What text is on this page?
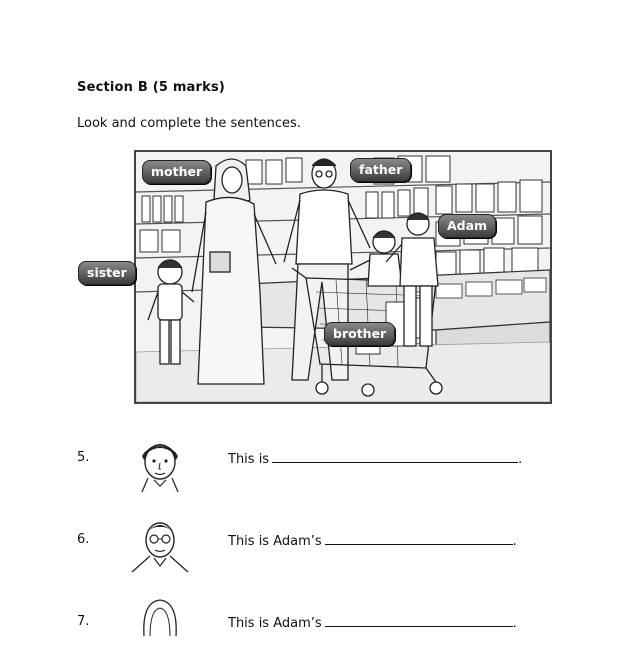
Section B (5 marks)
Look and complete the sentences.
mother	father
Adam
sister
brother
5.	This is	.
6.	This is Adam’s	.
7.	This is Adam’s	.
